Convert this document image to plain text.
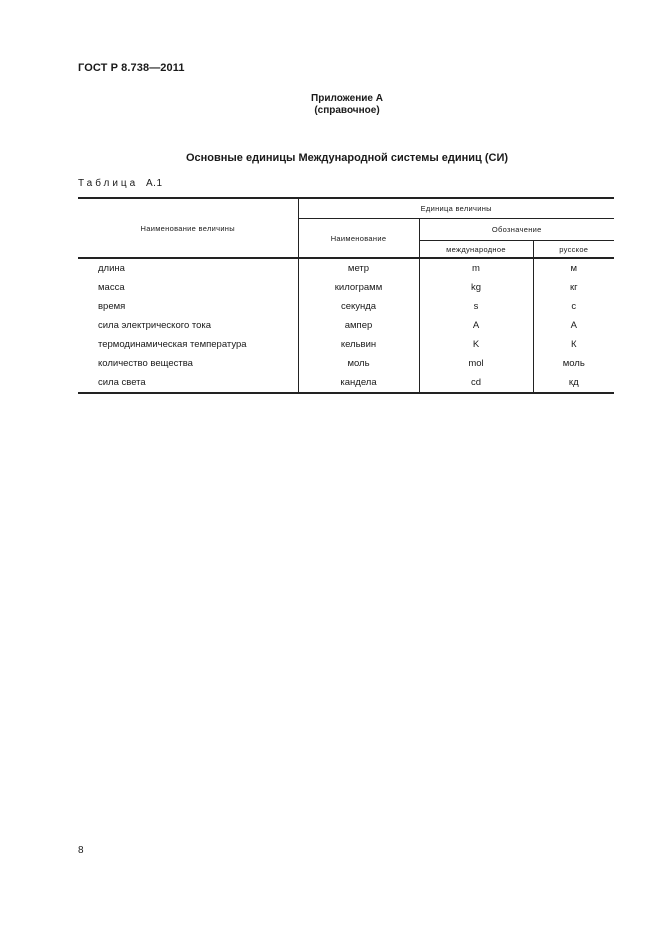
ГОСТ Р 8.738—2011
Приложение А
(справочное)
Основные единицы Международной системы единиц (СИ)
Таблица А.1
Наименование величины	Единица величины		
	Наименование	Обозначение	
		международное	русское
длина	метр	m	м
масса	килограмм	kg	кг
время	секунда	s	с
сила электрического тока	ампер	A	А
термодинамическая температура	кельвин	K	К
количество вещества	моль	mol	моль
сила света	кандела	cd	кд
8
